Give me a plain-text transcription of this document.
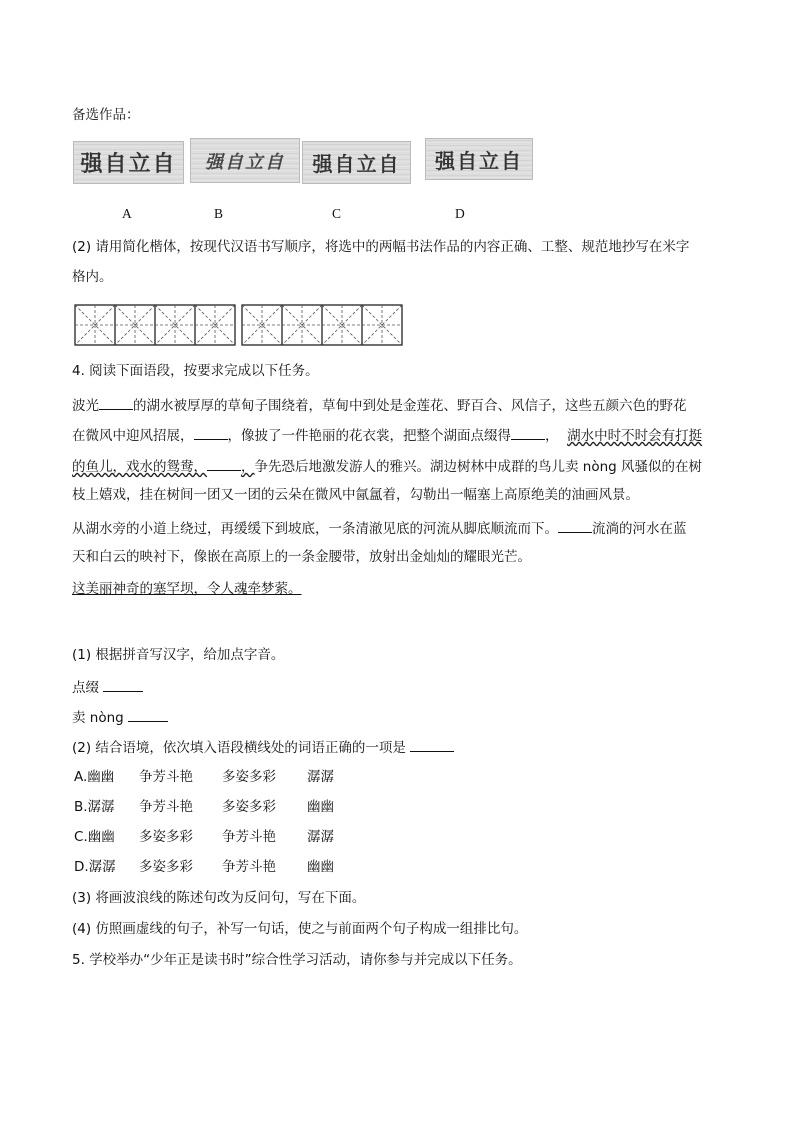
备选作品：
强自立自 强自立自 强自立自 强自立自
A	B	C	D
(2) 请用简化楷体，按现代汉语书写顺序，将选中的两幅书法作品的内容正确、工整、规范地抄写在米字
格内。
4. 阅读下面语段，按要求完成以下任务。
波光	的湖水被厚厚的草甸子围绕着，草甸中到处是金莲花、野百合、风信子，这些五颜六色的野花
在微风中迎风招展，	，像披了一件艳丽的花衣裳，把整个湖面点缀得	， 湖水中时不时会有打挺
的鱼儿，戏水的鸳鸯，	，争先恐后地激发游人的雅兴。湖边树林中成群的鸟儿卖 nòng 风骚似的在树
枝上嬉戏，挂在树间一团又一团的云朵在微风中氤氲着，勾勒出一幅塞上高原绝美的油画风景。
从湖水旁的小道上绕过，再缓缓下到坡底，一条清澈见底的河流从脚底顺流而下。	流淌的河水在蓝
天和白云的映衬下，像嵌在高原上的一条金腰带，放射出金灿灿的耀眼光芒。
这美丽神奇的塞罕坝，令人魂牵梦萦。
(1) 根据拼音写汉字，给加点字音。
点缀
卖 nòng
(2) 结合语境，依次填入语段横线处的词语正确的一项是
A.幽幽 争芳斗艳 多姿多彩 潺潺
B.潺潺 争芳斗艳 多姿多彩 幽幽
C.幽幽 多姿多彩 争芳斗艳 潺潺
D.潺潺 多姿多彩 争芳斗艳 幽幽
(3) 将画波浪线的陈述句改为反问句，写在下面。
(4) 仿照画虚线的句子，补写一句话，使之与前面两个句子构成一组排比句。
5. 学校举办“少年正是读书时”综合性学习活动，请你参与并完成以下任务。
